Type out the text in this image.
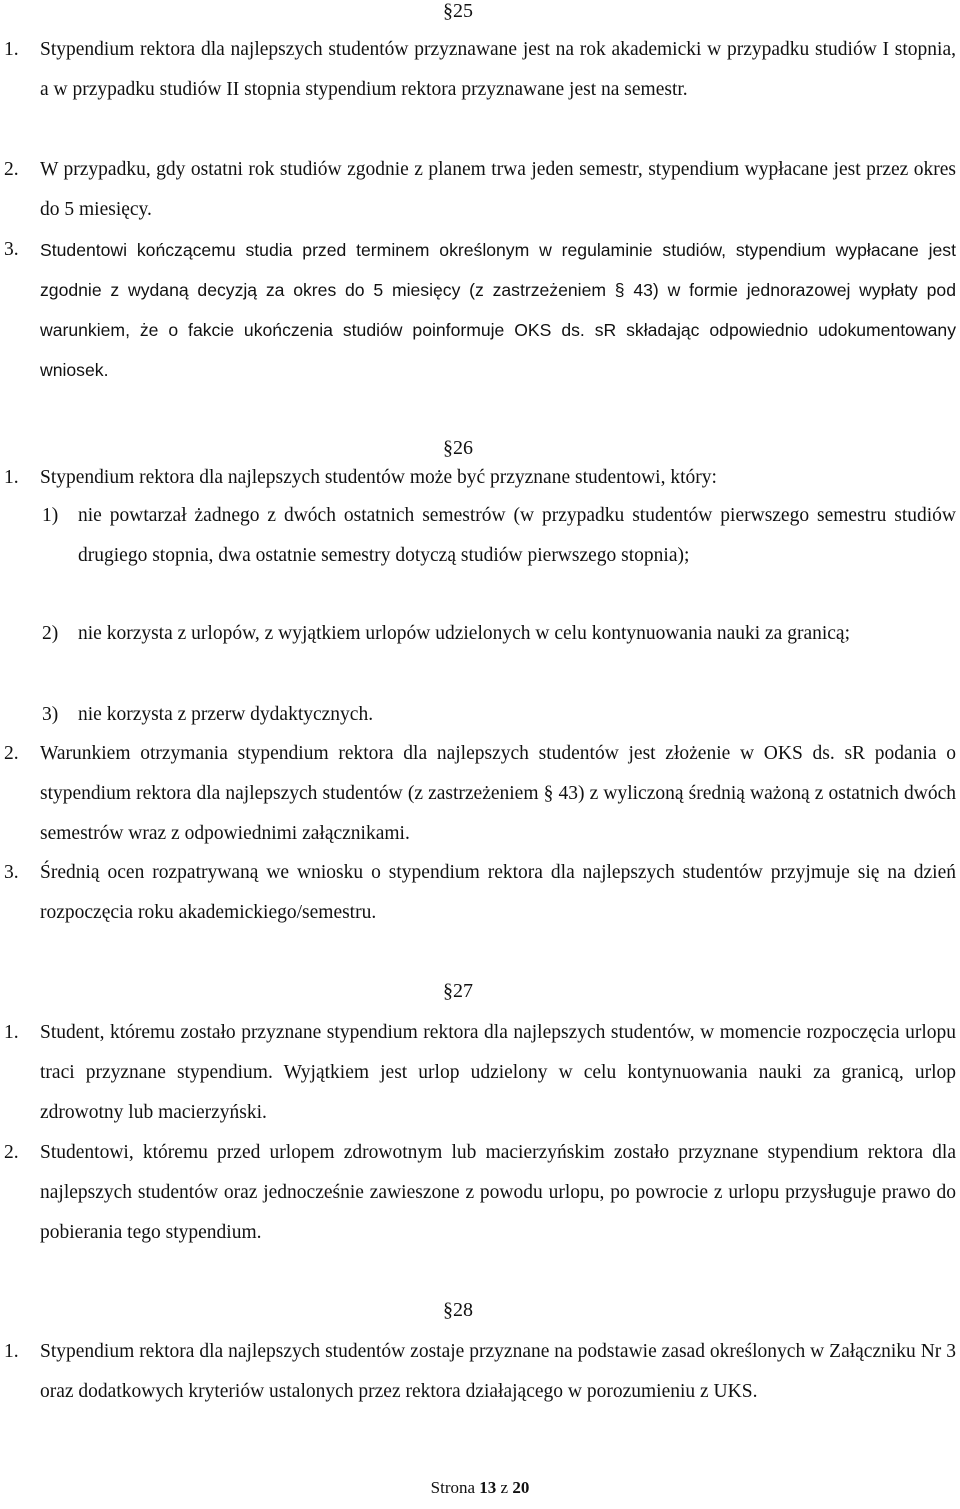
§25
1. Stypendium rektora dla najlepszych studentów przyznawane jest na rok akademicki w przypadku studiów I stopnia, a w przypadku studiów II stopnia stypendium rektora przyznawane jest na semestr.
2. W przypadku, gdy ostatni rok studiów zgodnie z planem trwa jeden semestr, stypendium wypłacane jest przez okres do 5 miesięcy.
3. Studentowi kończącemu studia przed terminem określonym w regulaminie studiów, stypendium wypłacane jest zgodnie z wydaną decyzją za okres do 5 miesięcy (z zastrzeżeniem § 43) w formie jednorazowej wypłaty pod warunkiem, że o fakcie ukończenia studiów poinformuje OKS ds. sR składając odpowiednio udokumentowany wniosek.
§26
1. Stypendium rektora dla najlepszych studentów może być przyznane studentowi, który:
1) nie powtarzał żadnego z dwóch ostatnich semestrów (w przypadku studentów pierwszego semestru studiów drugiego stopnia, dwa ostatnie semestry dotyczą studiów pierwszego stopnia);
2) nie korzysta z urlopów, z wyjątkiem urlopów udzielonych w celu kontynuowania nauki za granicą;
3) nie korzysta z przerw dydaktycznych.
2. Warunkiem otrzymania stypendium rektora dla najlepszych studentów jest złożenie w OKS ds. sR podania o stypendium rektora dla najlepszych studentów (z zastrzeżeniem § 43) z wyliczoną średnią ważoną z ostatnich dwóch semestrów wraz z odpowiednimi załącznikami.
3. Średnią ocen rozpatrywaną we wniosku o stypendium rektora dla najlepszych studentów przyjmuje się na dzień rozpoczęcia roku akademickiego/semestru.
§27
1. Student, któremu zostało przyznane stypendium rektora dla najlepszych studentów, w momencie rozpoczęcia urlopu traci przyznane stypendium. Wyjątkiem jest urlop udzielony w celu kontynuowania nauki za granicą, urlop zdrowotny lub macierzyński.
2. Studentowi, któremu przed urlopem zdrowotnym lub macierzyńskim zostało przyznane stypendium rektora dla najlepszych studentów oraz jednocześnie zawieszone z powodu urlopu, po powrocie z urlopu przysługuje prawo do pobierania tego stypendium.
§28
1. Stypendium rektora dla najlepszych studentów zostaje przyznane na podstawie zasad określonych w Załączniku Nr 3 oraz dodatkowych kryteriów ustalonych przez rektora działającego w porozumieniu z UKS.
Strona 13 z 20
